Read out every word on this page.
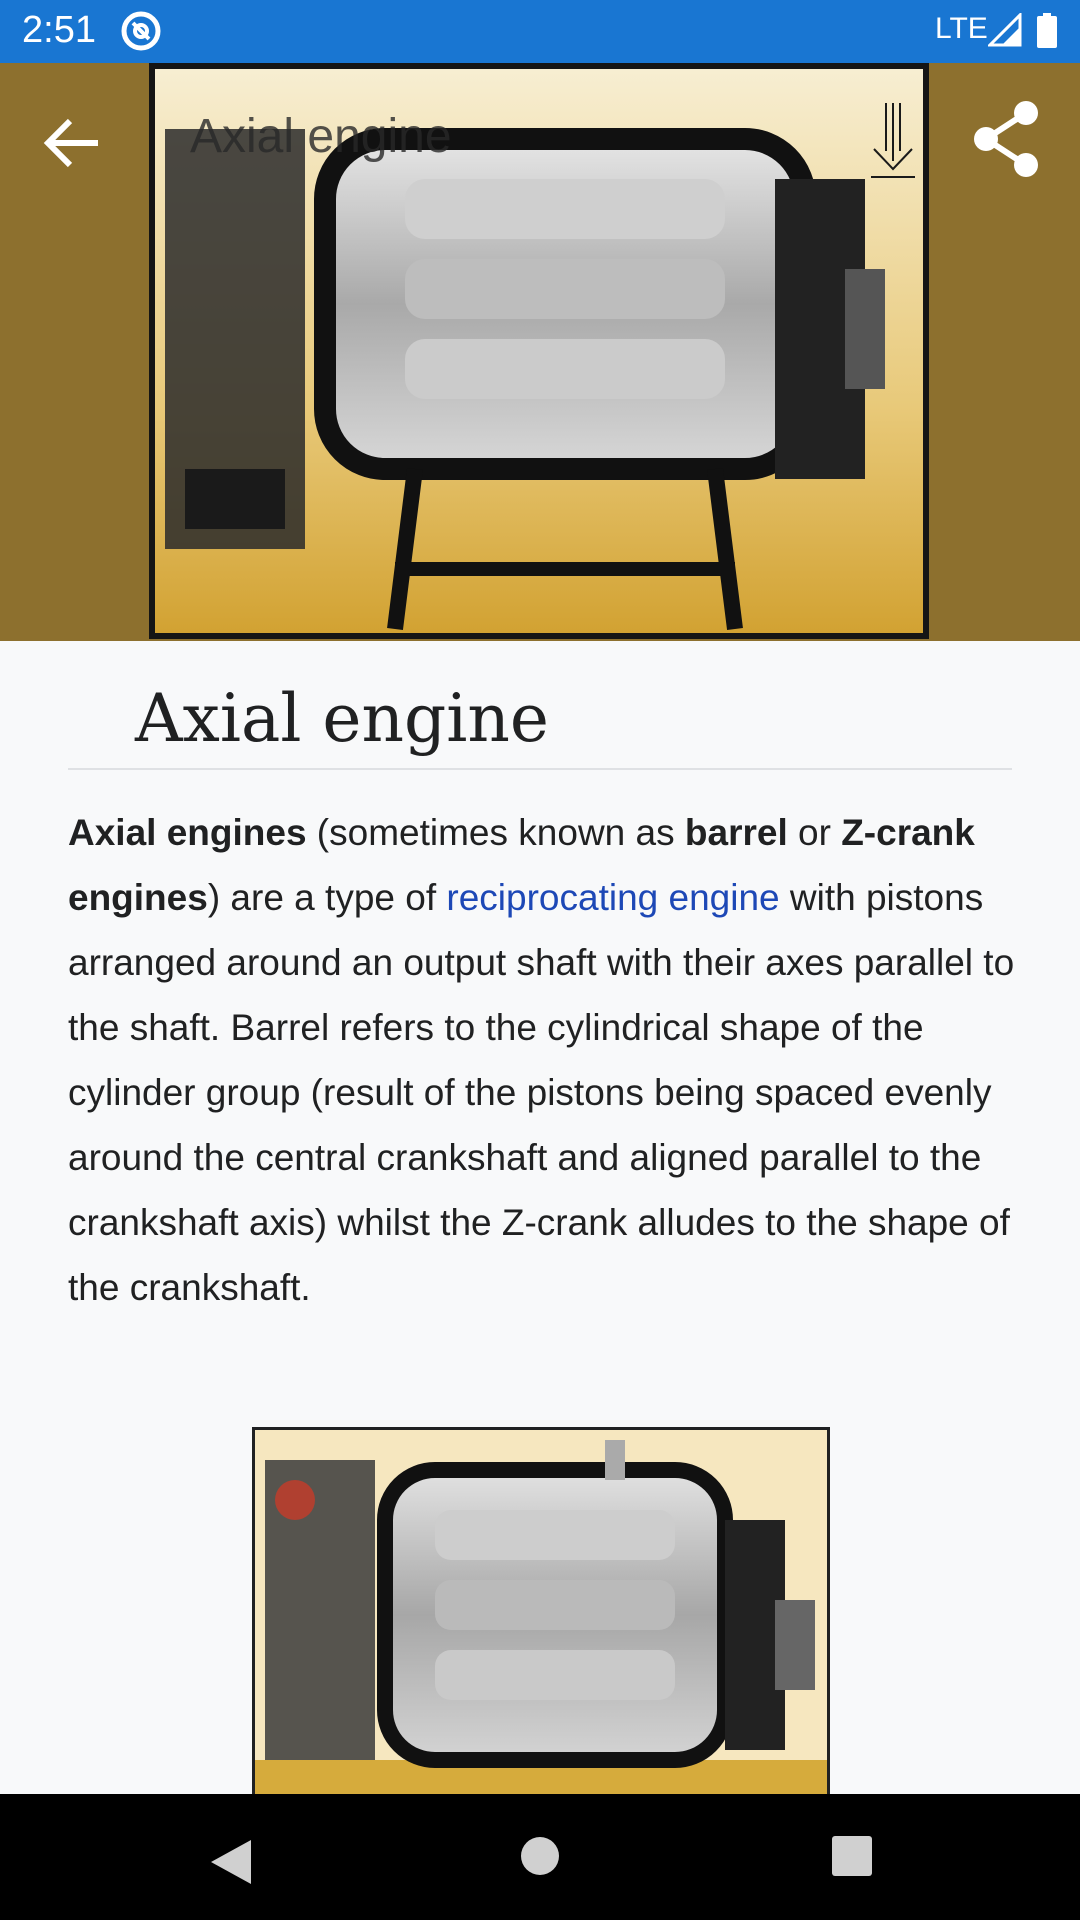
2:51	LTE
Axial engine
Axial engine

Axial engines (sometimes known as barrel or Z-crank engines) are a type of reciprocating engine with pistons arranged around an output shaft with their axes parallel to the shaft. Barrel refers to the cylindrical shape of the cylinder group (result of the pistons being spaced evenly around the central crankshaft and aligned parallel to the crankshaft axis) whilst the Z-crank alludes to the shape of the crankshaft.
